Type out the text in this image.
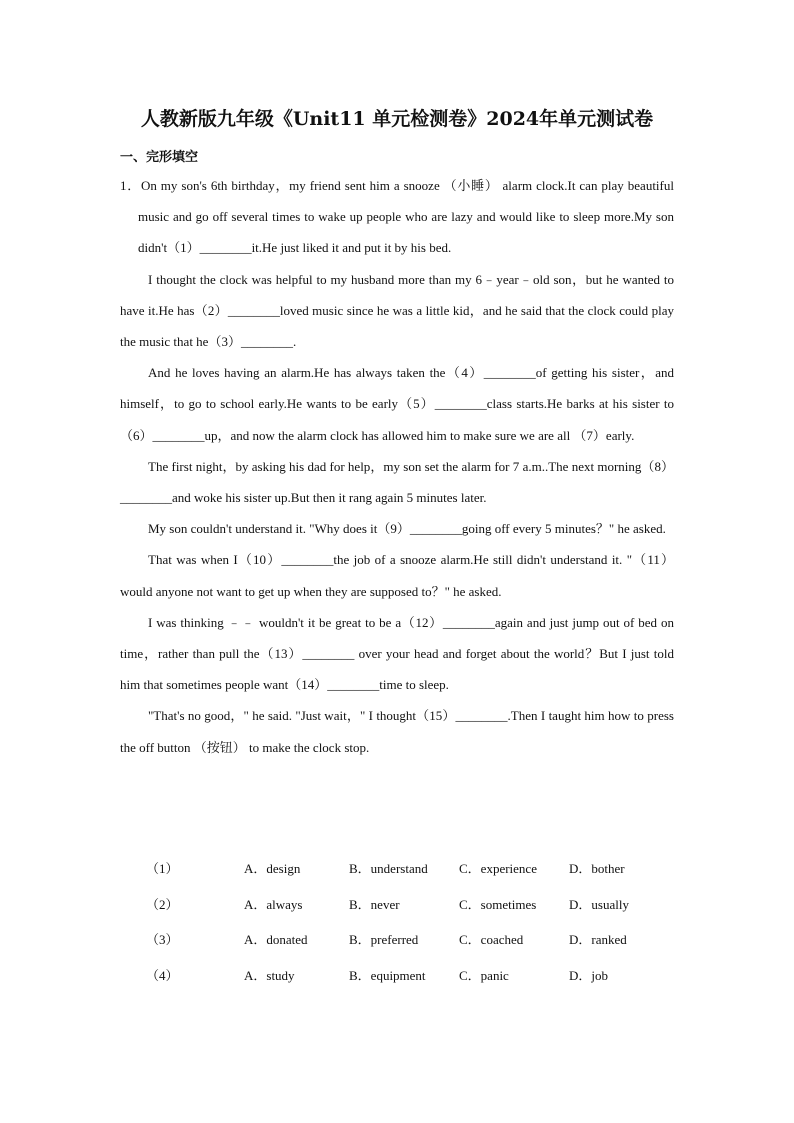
人教新版九年级《Unit11 单元检测卷》2024年单元测试卷
一、完形填空

1．On my son's 6th birthday，my friend sent him a snooze （小睡） alarm clock.It can play beautiful music and go off several times to wake up people who are lazy and would like to sleep more.My son didn't（1）________it.He just liked it and put it by his bed.

I thought the clock was helpful to my husband more than my 6﹣year﹣old son，but he wanted to have it.He has（2）________loved music since he was a little kid，and he said that the clock could play the music that he（3）________.

And he loves having an alarm.He has always taken the（4）________of getting his sister，and himself，to go to school early.He wants to be early（5）________class starts.He barks at his sister to （6）________up，and now the alarm clock has allowed him to make sure we are all （7）early.

The first night，by asking his dad for help，my son set the alarm for 7 a.m..The next morning（8）________and woke his sister up.But then it rang again 5 minutes later.

My son couldn't understand it. "Why does it（9）________going off every 5 minutes？" he asked.

That was when I（10）________the job of a snooze alarm.He still didn't understand it. "（11）would anyone not want to get up when they are supposed to？" he asked.

I was thinking ﹣﹣ wouldn't it be great to be a（12）________again and just jump out of bed on time，rather than pull the（13）________ over your head and forget about the world？But I just told him that sometimes people want（14）________time to sleep.

"That's no good，" he said. "Just wait，" I thought（15）________.Then I taught him how to press the off button （按钮） to make the clock stop.

（1）	A．design	B．understand C．experience D．bother
（2）	A．always	B．never	C．sometimes	D．usually
（3）	A．donated	B．preferred	C．coached	D．ranked
（4）	A．study	B．equipment	C．panic	D．job
